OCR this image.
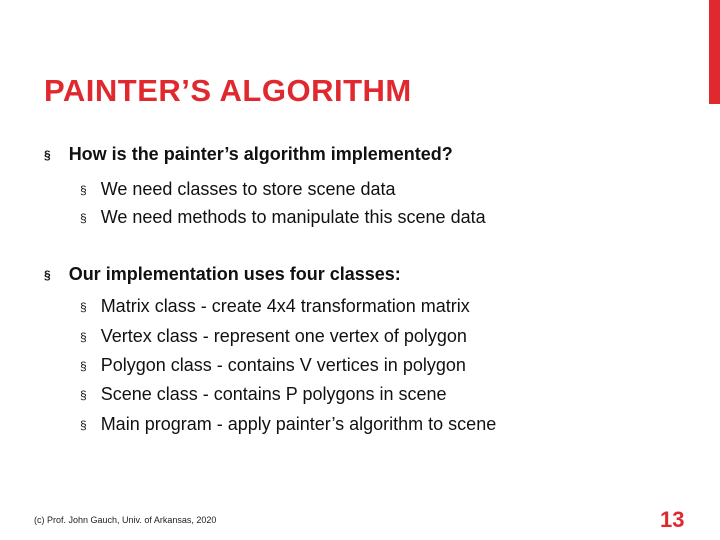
PAINTER’S ALGORITHM
§ How is the painter’s algorithm implemented?
§ We need classes to store scene data
§ We need methods to manipulate this scene data
§ Our implementation uses four classes:
§ Matrix class - create 4x4 transformation matrix
§ Vertex class - represent one vertex of polygon
§ Polygon class - contains V vertices in polygon
§ Scene class - contains P polygons in scene
§ Main program - apply painter’s algorithm to scene
(c) Prof. John Gauch, Univ. of Arkansas, 2020	13
